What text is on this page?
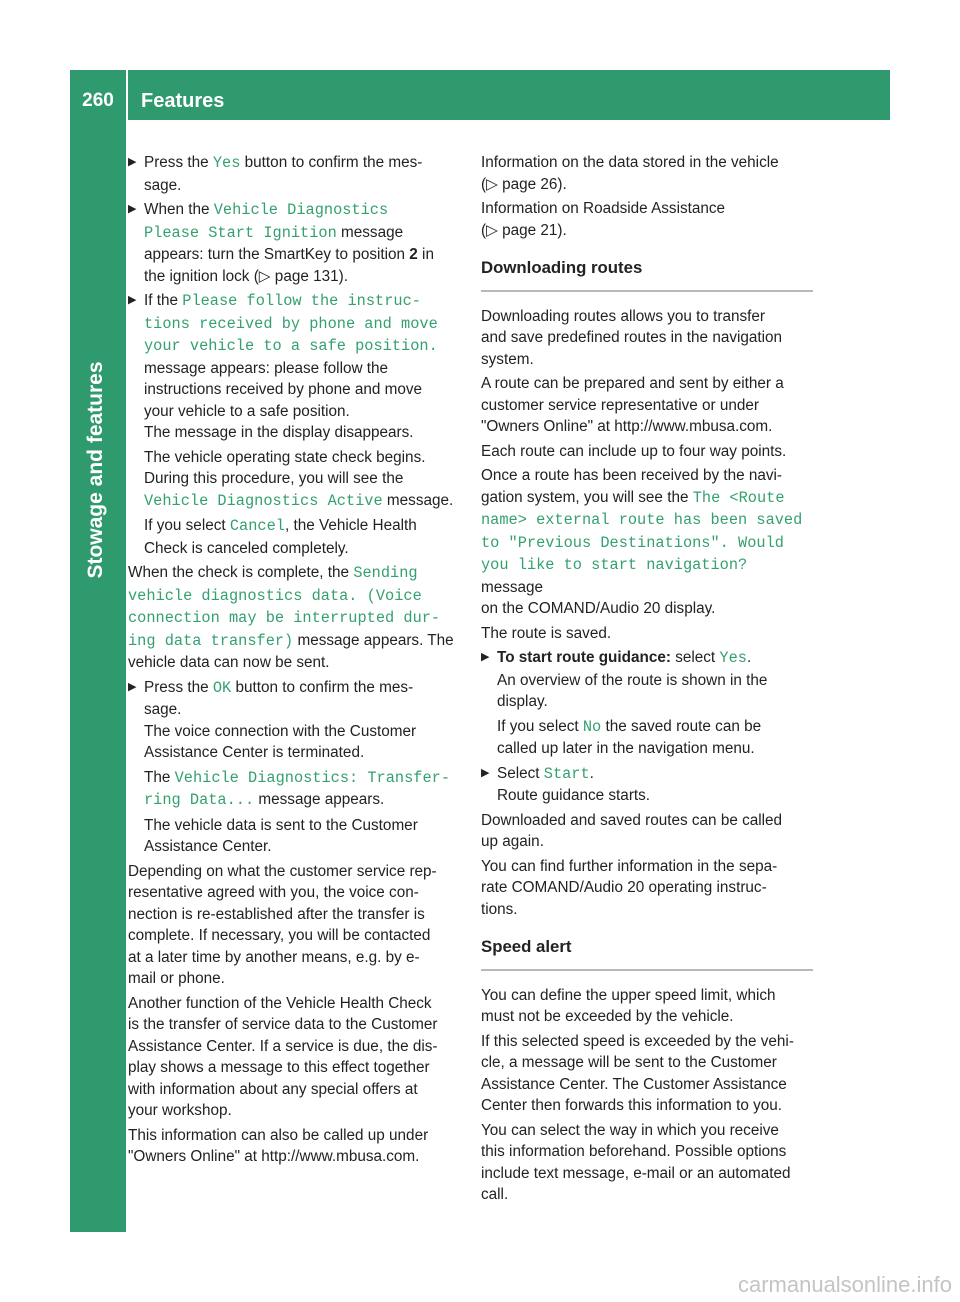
260	Features
Stowage and features
▶ Press the Yes button to confirm the mes-
sage.
▶ When the Vehicle Diagnostics
Please Start Ignition message
appears: turn the SmartKey to position 2 in
the ignition lock (▷ page 131).
▶ If the Please follow the instruc‐
tions received by phone and move
your vehicle to a safe position.
message appears: please follow the
instructions received by phone and move
your vehicle to a safe position.
The message in the display disappears.
The vehicle operating state check begins.
During this procedure, you will see the
Vehicle Diagnostics Active message.
If you select Cancel, the Vehicle Health
Check is canceled completely.
When the check is complete, the Sending
vehicle diagnostics data. (Voice
connection may be interrupted dur‐
ing data transfer) message appears. The
vehicle data can now be sent.
▶ Press the OK button to confirm the mes-
sage.
The voice connection with the Customer
Assistance Center is terminated.
The Vehicle Diagnostics: Transfer‐
ring Data... message appears.
The vehicle data is sent to the Customer
Assistance Center.
Depending on what the customer service rep-
resentative agreed with you, the voice con-
nection is re-established after the transfer is
complete. If necessary, you will be contacted
at a later time by another means, e.g. by e-
mail or phone.
Another function of the Vehicle Health Check
is the transfer of service data to the Customer
Assistance Center. If a service is due, the dis-
play shows a message to this effect together
with information about any special offers at
your workshop.
This information can also be called up under
"Owners Online" at http://www.mbusa.com.
Information on the data stored in the vehicle
(▷ page 26).
Information on Roadside Assistance
(▷ page 21).
Downloading routes
Downloading routes allows you to transfer
and save predefined routes in the navigation
system.
A route can be prepared and sent by either a
customer service representative or under
"Owners Online" at http://www.mbusa.com.
Each route can include up to four way points.
Once a route has been received by the navi-
gation system, you will see the The <Route
name> external route has been saved
to "Previous Destinations". Would
you like to start navigation? message
on the COMAND/Audio 20 display.
The route is saved.
▶ To start route guidance: select Yes.
An overview of the route is shown in the
display.
If you select No the saved route can be
called up later in the navigation menu.
▶ Select Start.
Route guidance starts.
Downloaded and saved routes can be called
up again.
You can find further information in the sepa-
rate COMAND/Audio 20 operating instruc-
tions.
Speed alert
You can define the upper speed limit, which
must not be exceeded by the vehicle.
If this selected speed is exceeded by the vehi-
cle, a message will be sent to the Customer
Assistance Center. The Customer Assistance
Center then forwards this information to you.
You can select the way in which you receive
this information beforehand. Possible options
include text message, e-mail or an automated
call.
carmanualsonline.info
